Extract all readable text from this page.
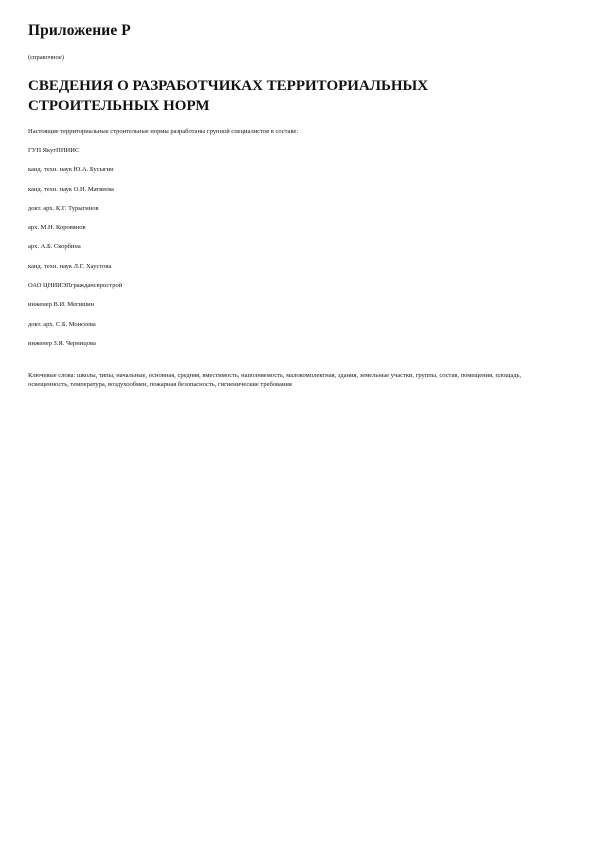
Приложение Р
(справочное)
СВЕДЕНИЯ О РАЗРАБОТЧИКАХ ТЕРРИТОРИАЛЬНЫХ СТРОИТЕЛЬНЫХ НОРМ
Настоящие территориальные строительные нормы разработаны группой специалистов в составе:
ГУП ЯкутПНИИС
канд. техн. наук Ю.А. Бусыгин
канд. техн. наук О.Н. Матвеева
докт. арх. К.Г. Турыгинов
арх. М.Н. Коровянов
арх. А.Б. Скорбина
канд. техн. наук Л.Г. Хаустова
ОАО ЦНИИЭПграждансврострой
инженер В.И. Мегишин
докт. арх. С.Б. Моисеева
инженер З.Я. Черницова
Ключевые слова: школы, типы, начальные, основная, средняя, вместимость, наполняемость, малокомплектная, здания, земельные участки, группы, состав, помещения, площадь, освещенность, температура, воздухообмен, пожарная безопасность, гигиенические требования
